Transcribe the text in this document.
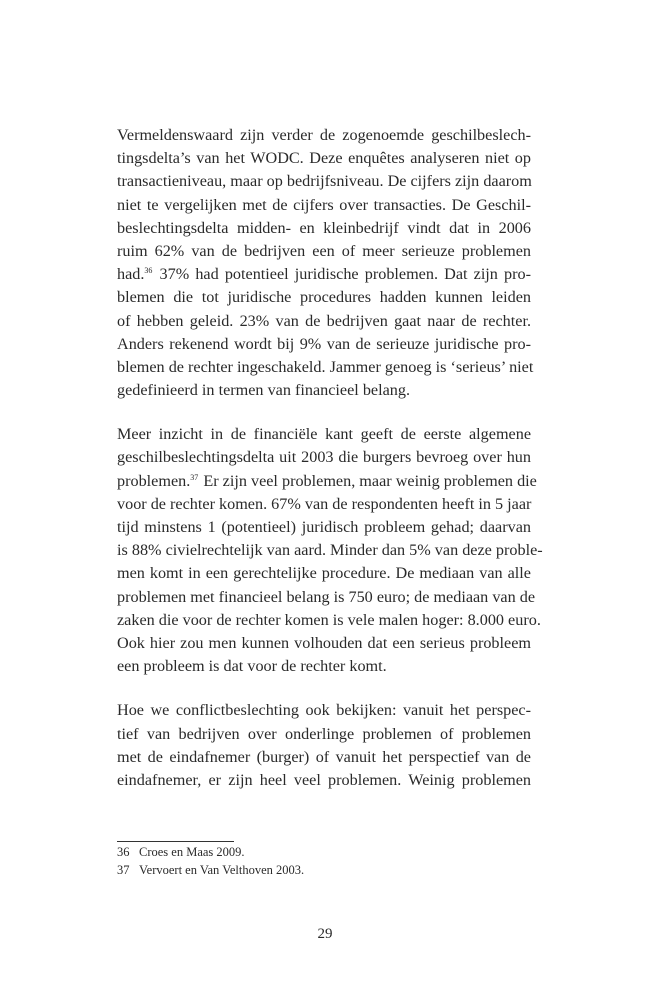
Vermeldenswaard zijn verder de zogenoemde geschilbeslech-
tingsdelta’s van het WODC. Deze enquêtes analyseren niet op
transactieniveau, maar op bedrijfsniveau. De cijfers zijn daarom
niet te vergelijken met de cijfers over transacties. De Geschil-
beslechtingsdelta midden- en kleinbedrijf vindt dat in 2006
ruim 62% van de bedrijven een of meer serieuze problemen
had.$^{36}$ 37% had potentieel juridische problemen. Dat zijn pro-
blemen die tot juridische procedures hadden kunnen leiden
of hebben geleid. 23% van de bedrijven gaat naar de rechter.
Anders rekenend wordt bij 9% van de serieuze juridische pro-
blemen de rechter ingeschakeld. Jammer genoeg is ‘serieus’ niet
gedefinieerd in termen van financieel belang.
Meer inzicht in de financiële kant geeft de eerste algemene
geschilbeslechtingsdelta uit 2003 die burgers bevroeg over hun
problemen.$^{37}$ Er zijn veel problemen, maar weinig problemen die
voor de rechter komen. 67% van de respondenten heeft in 5 jaar
tijd minstens 1 (potentieel) juridisch probleem gehad; daarvan
is 88% civielrechtelijk van aard. Minder dan 5% van deze proble-
men komt in een gerechtelijke procedure. De mediaan van alle
problemen met financieel belang is 750 euro; de mediaan van de
zaken die voor de rechter komen is vele malen hoger: 8.000 euro.
Ook hier zou men kunnen volhouden dat een serieus probleem
een probleem is dat voor de rechter komt.
Hoe we conflictbeslechting ook bekijken: vanuit het perspec-
tief van bedrijven over onderlinge problemen of problemen
met de eindafnemer (burger) of vanuit het perspectief van de
eindafnemer, er zijn heel veel problemen. Weinig problemen
36 Croes en Maas 2009.
37 Vervoert en Van Velthoven 2003.
29
